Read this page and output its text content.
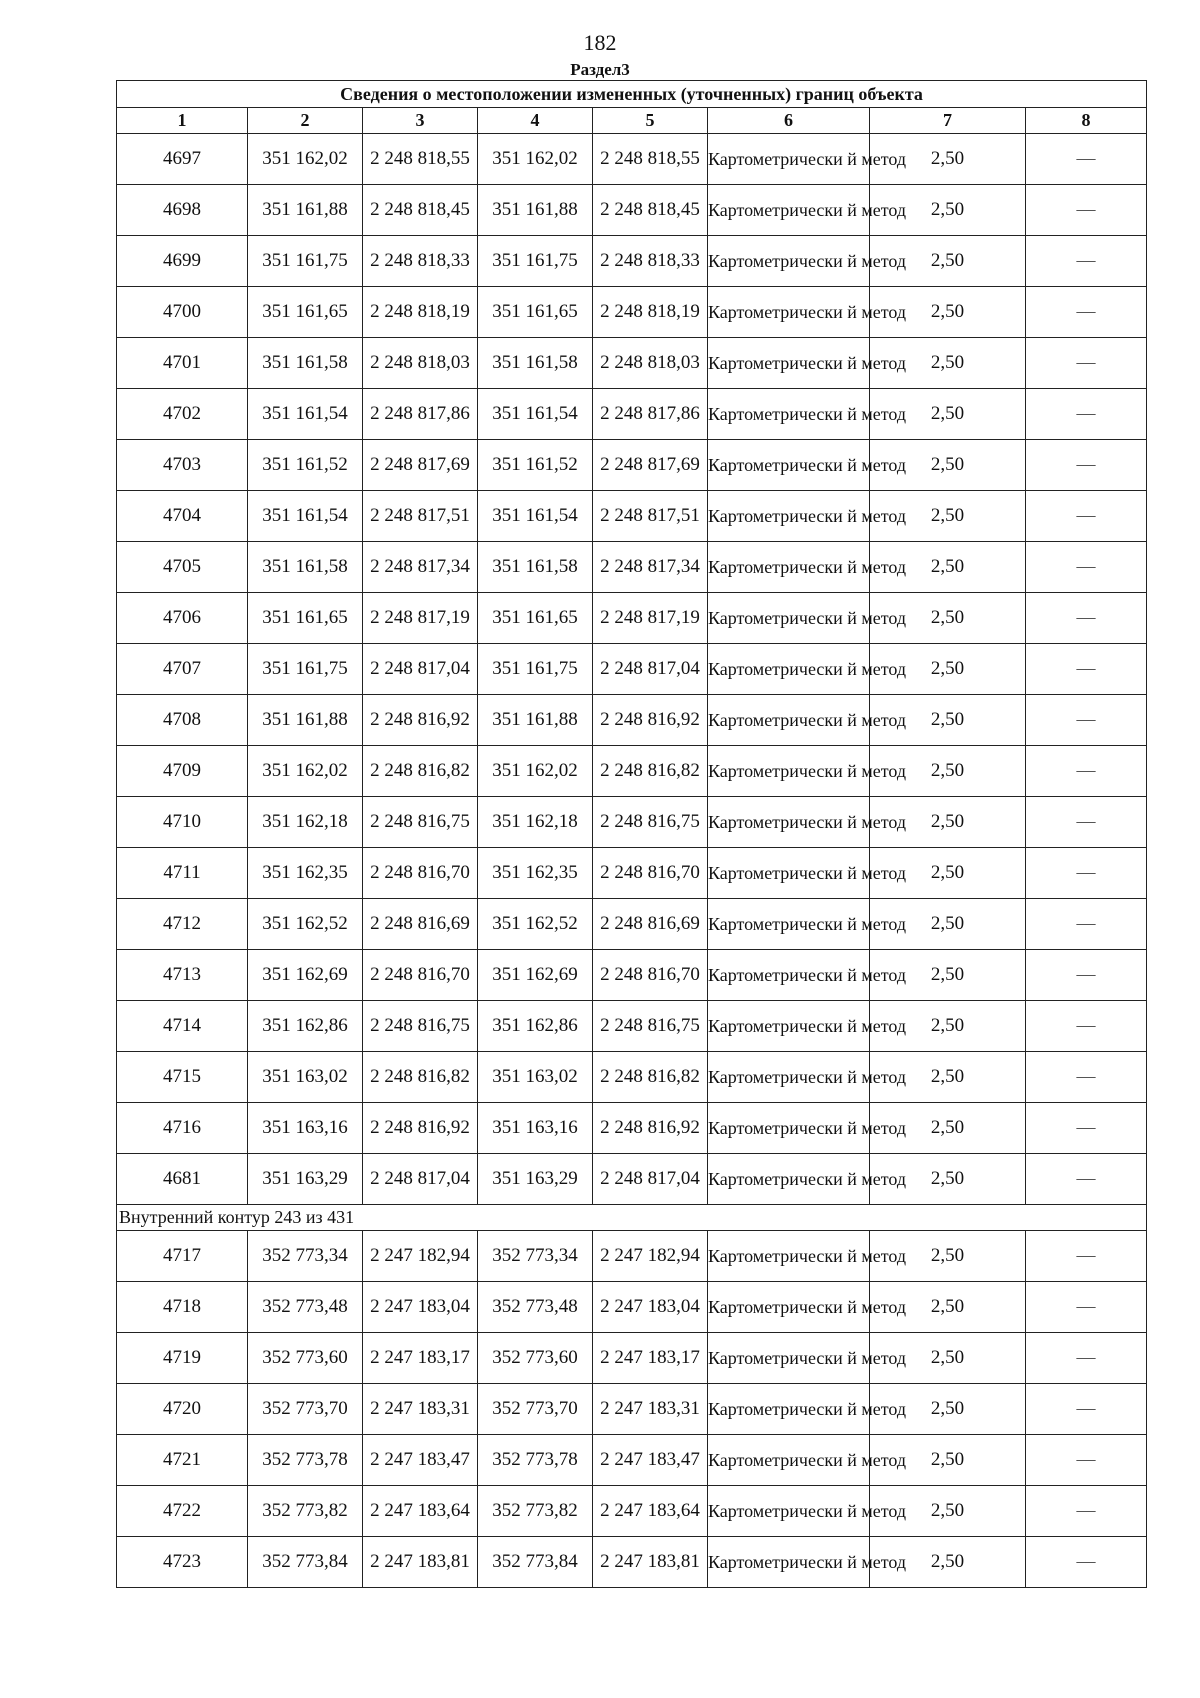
182
Раздел3
Сведения о местоположении измененных (уточненных) границ объекта							
1	2	3	4	5	6	7	8
4697	351 162,02	2 248 818,55	351 162,02	2 248 818,55	Картометрически й метод	2,50	—
4698	351 161,88	2 248 818,45	351 161,88	2 248 818,45	Картометрически й метод	2,50	—
4699	351 161,75	2 248 818,33	351 161,75	2 248 818,33	Картометрически й метод	2,50	—
4700	351 161,65	2 248 818,19	351 161,65	2 248 818,19	Картометрически й метод	2,50	—
4701	351 161,58	2 248 818,03	351 161,58	2 248 818,03	Картометрически й метод	2,50	—
4702	351 161,54	2 248 817,86	351 161,54	2 248 817,86	Картометрически й метод	2,50	—
4703	351 161,52	2 248 817,69	351 161,52	2 248 817,69	Картометрически й метод	2,50	—
4704	351 161,54	2 248 817,51	351 161,54	2 248 817,51	Картометрически й метод	2,50	—
4705	351 161,58	2 248 817,34	351 161,58	2 248 817,34	Картометрически й метод	2,50	—
4706	351 161,65	2 248 817,19	351 161,65	2 248 817,19	Картометрически й метод	2,50	—
4707	351 161,75	2 248 817,04	351 161,75	2 248 817,04	Картометрически й метод	2,50	—
4708	351 161,88	2 248 816,92	351 161,88	2 248 816,92	Картометрически й метод	2,50	—
4709	351 162,02	2 248 816,82	351 162,02	2 248 816,82	Картометрически й метод	2,50	—
4710	351 162,18	2 248 816,75	351 162,18	2 248 816,75	Картометрически й метод	2,50	—
4711	351 162,35	2 248 816,70	351 162,35	2 248 816,70	Картометрически й метод	2,50	—
4712	351 162,52	2 248 816,69	351 162,52	2 248 816,69	Картометрически й метод	2,50	—
4713	351 162,69	2 248 816,70	351 162,69	2 248 816,70	Картометрически й метод	2,50	—
4714	351 162,86	2 248 816,75	351 162,86	2 248 816,75	Картометрически й метод	2,50	—
4715	351 163,02	2 248 816,82	351 163,02	2 248 816,82	Картометрически й метод	2,50	—
4716	351 163,16	2 248 816,92	351 163,16	2 248 816,92	Картометрически й метод	2,50	—
4681	351 163,29	2 248 817,04	351 163,29	2 248 817,04	Картометрически й метод	2,50	—
Внутренний контур 243 из 431							
4717	352 773,34	2 247 182,94	352 773,34	2 247 182,94	Картометрически й метод	2,50	—
4718	352 773,48	2 247 183,04	352 773,48	2 247 183,04	Картометрически й метод	2,50	—
4719	352 773,60	2 247 183,17	352 773,60	2 247 183,17	Картометрически й метод	2,50	—
4720	352 773,70	2 247 183,31	352 773,70	2 247 183,31	Картометрически й метод	2,50	—
4721	352 773,78	2 247 183,47	352 773,78	2 247 183,47	Картометрически й метод	2,50	—
4722	352 773,82	2 247 183,64	352 773,82	2 247 183,64	Картометрически й метод	2,50	—
4723	352 773,84	2 247 183,81	352 773,84	2 247 183,81	Картометрически й метод	2,50	—
